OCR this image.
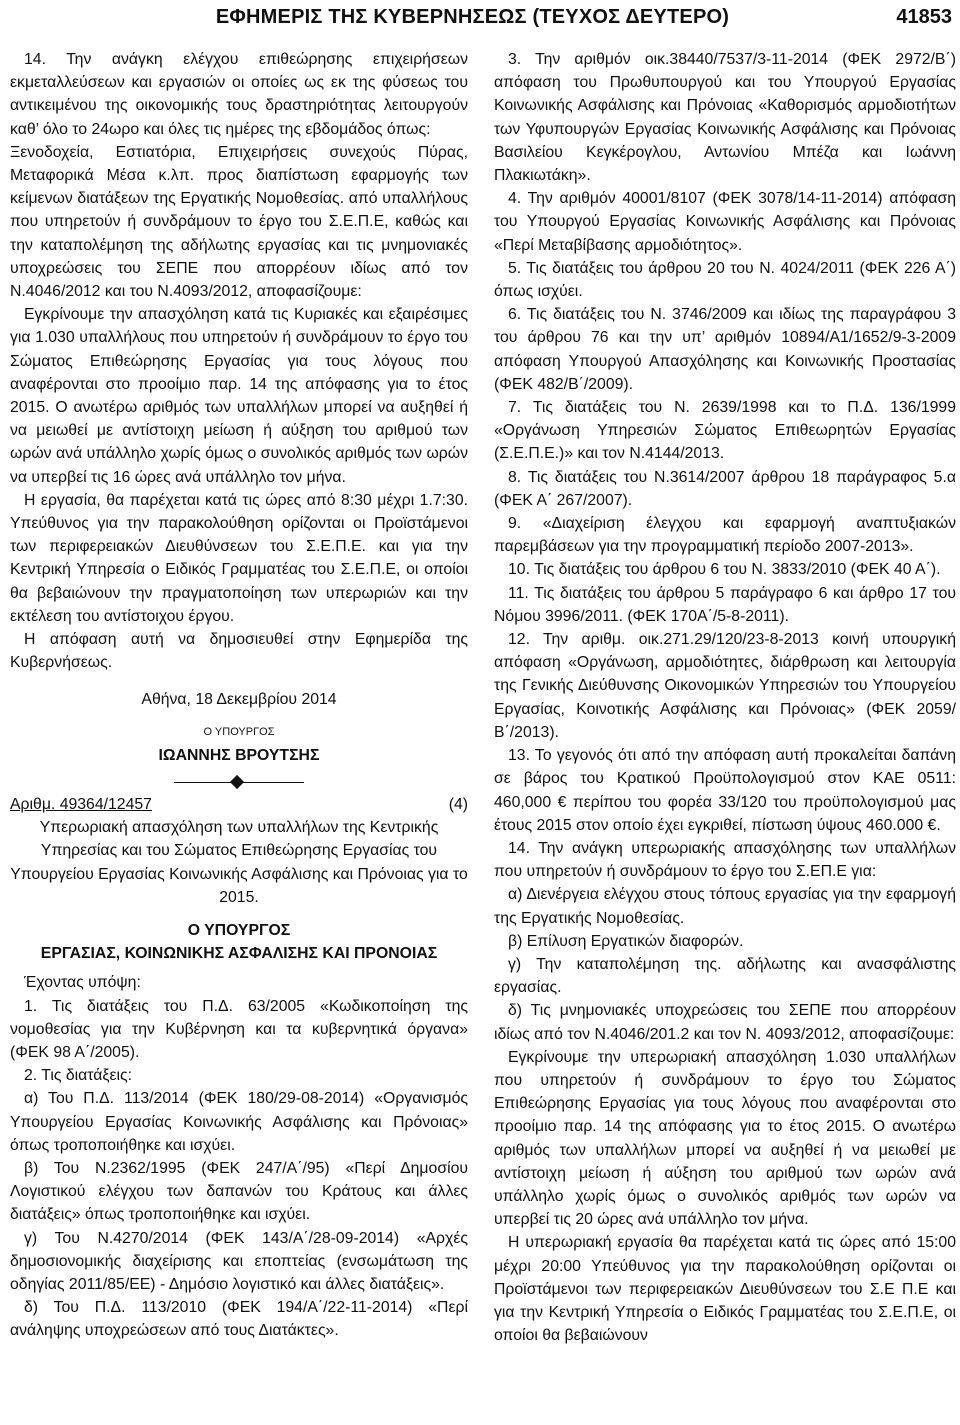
ΕΦΗΜΕΡΙΣ ΤΗΣ ΚΥΒΕΡΝΗΣΕΩΣ (ΤΕΥΧΟΣ ΔΕΥΤΕΡΟ)	41853

14. Την ανάγκη ελέγχου επιθεώρησης επιχειρήσεων εκμεταλλεύσεων και εργασιών οι οποίες ως εκ της φύσεως του αντικειμένου της οικονομικής τους δραστηριότητας λειτουργούν καθ’ όλο το 24ωρο και όλες τις ημέρες της εβδομάδος όπως:

Ξενοδοχεία, Εστιατόρια, Επιχειρήσεις συνεχούς Πύρας, Μεταφορικά Μέσα κ.λπ. προς διαπίστωση εφαρμογής των κείμενων διατάξεων της Εργατικής Νομοθεσίας. από υπαλλήλους που υπηρετούν ή συνδράμουν το έργο του Σ.Ε.Π.Ε, καθώς και την καταπολέμηση της αδήλωτης εργασίας και τις μνημονιακές υποχρεώσεις του ΣΕΠΕ που απορρέουν ιδίως από τον Ν.4046/2012 και του Ν.4093/2012, αποφασίζουμε:

Εγκρίνουμε την απασχόληση κατά τις Κυριακές και εξαιρέσιμες για 1.030 υπαλλήλους που υπηρετούν ή συνδράμουν το έργο του Σώματος Επιθεώρησης Εργασίας για τους λόγους που αναφέρονται στο προοίμιο παρ. 14 της απόφασης για το έτος 2015. Ο ανωτέρω αριθμός των υπαλλήλων μπορεί να αυξηθεί ή να μειωθεί με αντίστοιχη μείωση ή αύξηση του αριθμού των ωρών ανά υπάλληλο χωρίς όμως ο συνολικός αριθμός των ωρών να υπερβεί τις 16 ώρες ανά υπάλληλο τον μήνα.

Η εργασία, θα παρέχεται κατά τις ώρες από 8:30 μέχρι 1.7:30. Υπεύθυνος για την παρακολούθηση ορίζονται οι Προϊστάμενοι των περιφερειακών Διευθύνσεων του Σ.Ε.Π.Ε. και για την Κεντρική Υπηρεσία ο Ειδικός Γραμματέας του Σ.Ε.Π.Ε, οι οποίοι θα βεβαιώνουν την πραγματοποίηση των υπερωριών και την εκτέλεση του αντίστοιχου έργου.

Η απόφαση αυτή να δημοσιευθεί στην Εφημερίδα της Κυβερνήσεως.

Αθήνα, 18 Δεκεμβρίου 2014

Ο ΥΠΟΥΡΓΟΣ

ΙΩΑΝΝΗΣ ΒΡΟΥΤΣΗΣ

Αριθμ. 49364/12457	(4)

Υπερωριακή απασχόληση των υπαλλήλων της Κεντρικής Υπηρεσίας και του Σώματος Επιθεώρησης Εργασίας του Υπουργείου Εργασίας Κοινωνικής Ασφάλισης και Πρόνοιας για το 2015.

Ο ΥΠΟΥΡΓΟΣ

ΕΡΓΑΣΙΑΣ, ΚΟΙΝΩΝΙΚΗΣ ΑΣΦΑΛΙΣΗΣ ΚΑΙ ΠΡΟΝΟΙΑΣ

Έχοντας υπόψη:

1. Τις διατάξεις του Π.Δ. 63/2005 «Κωδικοποίηση της νομοθεσίας για την Κυβέρνηση και τα κυβερνητικά όργανα» (ΦΕΚ 98 Α΄/2005).

2. Τις διατάξεις:

α) Του Π.Δ. 113/2014 (ΦΕΚ 180/29-08-2014) «Οργανισμός Υπουργείου Εργασίας Κοινωνικής Ασφάλισης και Πρόνοιας» όπως τροποποιήθηκε και ισχύει.

β) Του Ν.2362/1995 (ΦΕΚ 247/Α΄/95) «Περί Δημοσίου Λογιστικού ελέγχου των δαπανών του Κράτους και άλλες διατάξεις» όπως τροποποιήθηκε και ισχύει.

γ) Του Ν.4270/2014 (ΦΕΚ 143/Α΄/28-09-2014) «Αρχές δημοσιονομικής διαχείρισης και εποπτείας (ενσωμάτωση της οδηγίας 2011/85/ΕΕ) - Δημόσιο λογιστικό και άλλες διατάξεις».

δ) Του Π.Δ. 113/2010 (ΦΕΚ 194/Α΄/22-11-2014) «Περί ανάληψης υποχρεώσεων από τους Διατάκτες».

3. Την αριθμόν οικ.38440/7537/3-11-2014 (ΦΕΚ 2972/Β΄) απόφαση του Πρωθυπουργού και του Υπουργού Εργασίας Κοινωνικής Ασφάλισης και Πρόνοιας «Καθορισμός αρμοδιοτήτων των Υφυπουργών Εργασίας Κοινωνικής Ασφάλισης και Πρόνοιας Βασιλείου Κεγκέρογλου, Αντωνίου Μπέζα και Ιωάννη Πλακιωτάκη».

4. Την αριθμόν 40001/8107 (ΦΕΚ 3078/14-11-2014) απόφαση του Υπουργού Εργασίας Κοινωνικής Ασφάλισης και Πρόνοιας «Περί Μεταβίβασης αρμοδιότητος».

5. Τις διατάξεις του άρθρου 20 του Ν. 4024/2011 (ΦΕΚ 226 Α΄) όπως ισχύει.

6. Τις διατάξεις του Ν. 3746/2009 και ιδίως της παραγράφου 3 του άρθρου 76 και την υπ’ αριθμόν 10894/Α1/1652/9-3-2009 απόφαση Υπουργού Απασχόλησης και Κοινωνικής Προστασίας (ΦΕΚ 482/Β΄/2009).

7. Τις διατάξεις του Ν. 2639/1998 και το Π.Δ. 136/1999 «Οργάνωση Υπηρεσιών Σώματος Επιθεωρητών Εργασίας (Σ.Ε.Π.Ε.)» και τον Ν.4144/2013.

8. Τις διατάξεις του Ν.3614/2007 άρθρου 18 παράγραφος 5.α (ΦΕΚ Α΄ 267/2007).

9. «Διαχείριση έλεγχου και εφαρμογή αναπτυξιακών παρεμβάσεων για την προγραμματική περίοδο 2007-2013».

10. Τις διατάξεις του άρθρου 6 του Ν. 3833/2010 (ΦΕΚ 40 Α΄).

11. Τις διατάξεις του άρθρου 5 παράγραφο 6 και άρθρο 17 του Νόμου 3996/2011. (ΦΕΚ 170Α΄/5-8-2011).

12. Την αριθμ. οικ.271.29/120/23-8-2013 κοινή υπουργική απόφαση «Οργάνωση, αρμοδιότητες, διάρθρωση και λειτουργία της Γενικής Διεύθυνσης Οικονομικών Υπηρεσιών του Υπουργείου Εργασίας, Κοινοτικής Ασφάλισης και Πρόνοιας» (ΦΕΚ 2059/Β΄/2013).

13. Το γεγονός ότι από την απόφαση αυτή προκαλείται δαπάνη σε βάρος του Κρατικού Προϋπολογισμού στον ΚΑΕ 0511: 460,000 € περίπου του φορέα 33/120 του προϋπολογισμού μας έτους 2015 στον οποίο έχει εγκριθεί, πίστωση ύψους 460.000 €.

14. Την ανάγκη υπερωριακής απασχόλησης των υπαλλήλων που υπηρετούν ή συνδράμουν το έργο του Σ.ΕΠ.Ε για:

α) Διενέργεια ελέγχου στους τόπους εργασίας για την εφαρμογή της Εργατικής Νομοθεσίας.

β) Επίλυση Εργατικών διαφορών.

γ) Την καταπολέμηση της. αδήλωτης και ανασφάλιστης εργασίας.

δ) Τις μνημονιακές υποχρεώσεις του ΣΕΠΕ που απορρέουν ιδίως από τον Ν.4046/201.2 και τον Ν. 4093/2012, αποφασίζουμε:

Εγκρίνουμε την υπερωριακή απασχόληση 1.030 υπαλλήλων που υπηρετούν ή συνδράμουν το έργο του Σώματος Επιθεώρησης Εργασίας για τους λόγους που αναφέρονται στο προοίμιο παρ. 14 της απόφασης για το έτος 2015. Ο ανωτέρω αριθμός των υπαλλήλων μπορεί να αυξηθεί ή να μειωθεί με αντίστοιχη μείωση ή αύξηση του αριθμού των ωρών ανά υπάλληλο χωρίς όμως ο συνολικός αριθμός των ωρών να υπερβεί τις 20 ώρες ανά υπάλληλο τον μήνα.

Η υπερωριακή εργασία θα παρέχεται κατά τις ώρες από 15:00 μέχρι 20:00 Υπεύθυνος για την παρακολούθηση ορίζονται οι Προϊστάμενοι των περιφερειακών Διευθύνσεων του Σ.Ε Π.Ε και για την Κεντρική Υπηρεσία ο Ειδικός Γραμματέας του Σ.Ε.Π.Ε, οι οποίοι θα βεβαιώνουν
